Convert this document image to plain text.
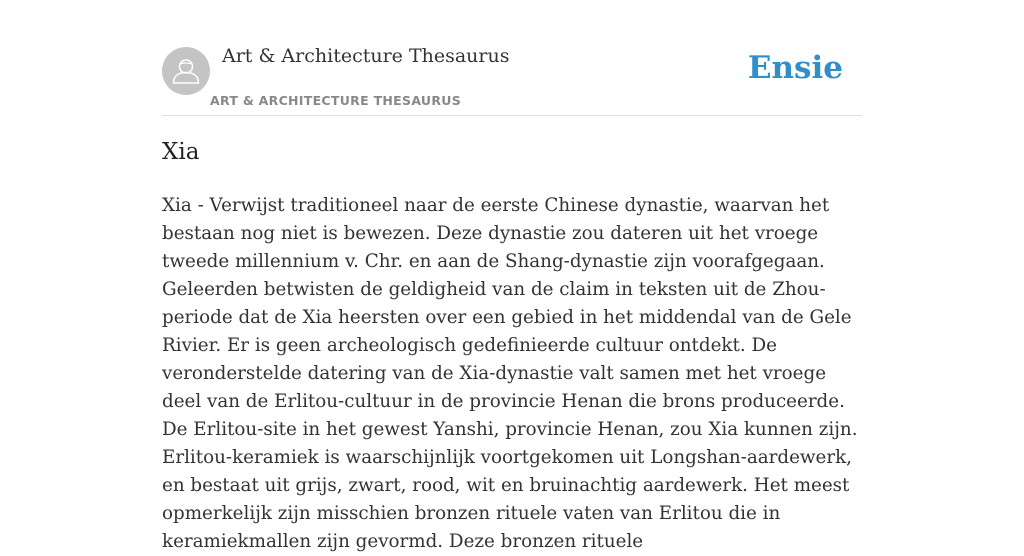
Art & Architecture Thesaurus
ART & ARCHITECTURE THESAURUS
Ensie
Xia

Xia - Verwijst traditioneel naar de eerste Chinese dynastie, waarvan het bestaan nog niet is bewezen. Deze dynastie zou dateren uit het vroege tweede millennium v. Chr. en aan de Shang-dynastie zijn voorafgegaan. Geleerden betwisten de geldigheid van de claim in teksten uit de Zhou-periode dat de Xia heersten over een gebied in het middendal van de Gele Rivier. Er is geen archeologisch gedefinieerde cultuur ontdekt. De veronderstelde datering van de Xia-dynastie valt samen met het vroege deel van de Erlitou-cultuur in de provincie Henan die brons produceerde. De Erlitou-site in het gewest Yanshi, provincie Henan, zou Xia kunnen zijn. Erlitou-keramiek is waarschijnlijk voortgekomen uit Longshan-aardewerk, en bestaat uit grijs, zwart, rood, wit en bruinachtig aardewerk. Het meest opmerkelijk zijn misschien bronzen rituele vaten van Erlitou die in keramiekmallen zijn gevormd. Deze bronzen rituele
